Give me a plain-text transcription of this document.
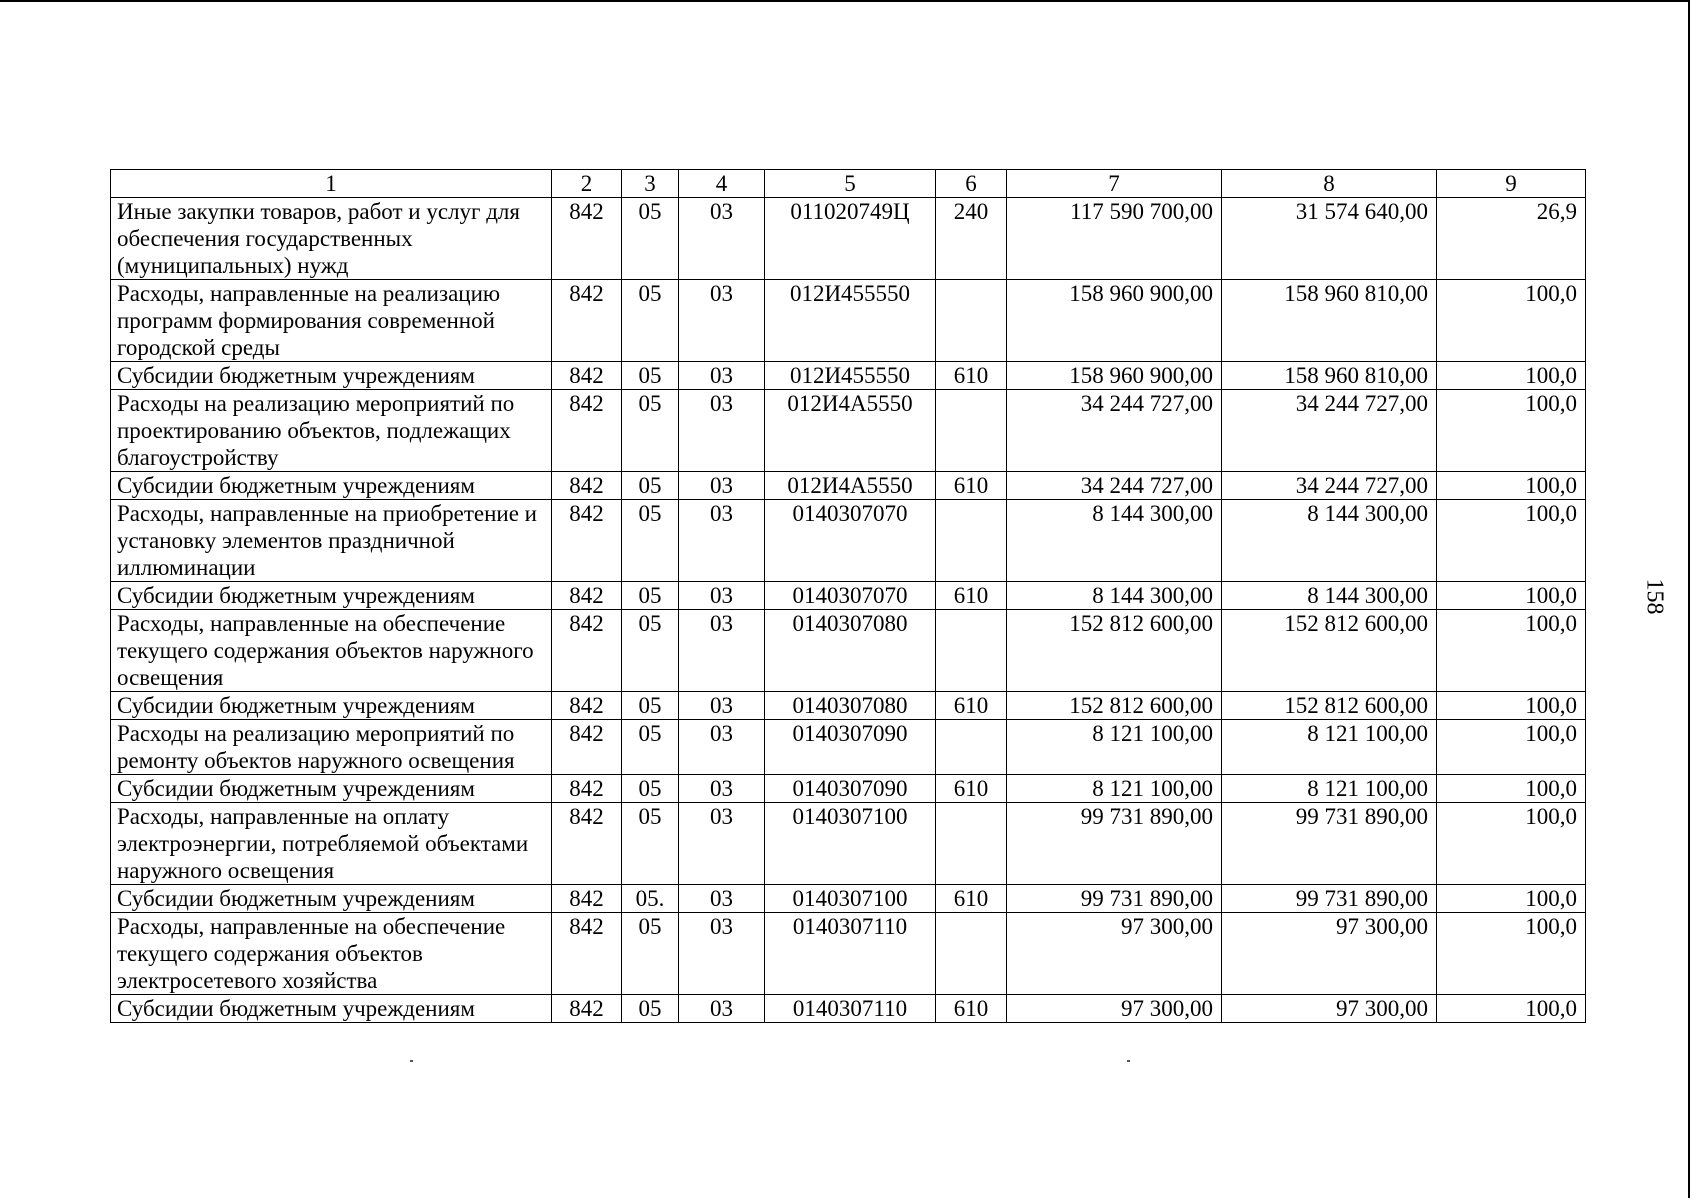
1	2	3	4	5	6	7	8	9
Иные закупки товаров, работ и услуг для обеспечения государственных (муниципальных) нужд	842	05	03	011020749Ц	240	117 590 700,00	31 574 640,00	26,9
Расходы, направленные на реализацию программ формирования современной городской среды	842	05	03	012И455550		158 960 900,00	158 960 810,00	100,0
Субсидии бюджетным учреждениям	842	05	03	012И455550	610	158 960 900,00	158 960 810,00	100,0
Расходы на реализацию мероприятий по проектированию объектов, подлежащих благоустройству	842	05	03	012И4А5550		34 244 727,00	34 244 727,00	100,0
Субсидии бюджетным учреждениям	842	05	03	012И4А5550	610	34 244 727,00	34 244 727,00	100,0
Расходы, направленные на приобретение и установку элементов праздничной иллюминации	842	05	03	0140307070		8 144 300,00	8 144 300,00	100,0
Субсидии бюджетным учреждениям	842	05	03	0140307070	610	8 144 300,00	8 144 300,00	100,0
Расходы, направленные на обеспечение текущего содержания объектов наружного освещения	842	05	03	0140307080		152 812 600,00	152 812 600,00	100,0
Субсидии бюджетным учреждениям	842	05	03	0140307080	610	152 812 600,00	152 812 600,00	100,0
Расходы на реализацию мероприятий по ремонту объектов наружного освещения	842	05	03	0140307090		8 121 100,00	8 121 100,00	100,0
Субсидии бюджетным учреждениям	842	05	03	0140307090	610	8 121 100,00	8 121 100,00	100,0
Расходы, направленные на оплату электроэнергии, потребляемой объектами наружного освещения	842	05	03	0140307100		99 731 890,00	99 731 890,00	100,0
Субсидии бюджетным учреждениям	842	05.	03	0140307100	610	99 731 890,00	99 731 890,00	100,0
Расходы, направленные на обеспечение текущего содержания объектов электросетевого хозяйства	842	05	03	0140307110		97 300,00	97 300,00	100,0
Субсидии бюджетным учреждениям	842	05	03	0140307110	610	97 300,00	97 300,00	100,0
158
